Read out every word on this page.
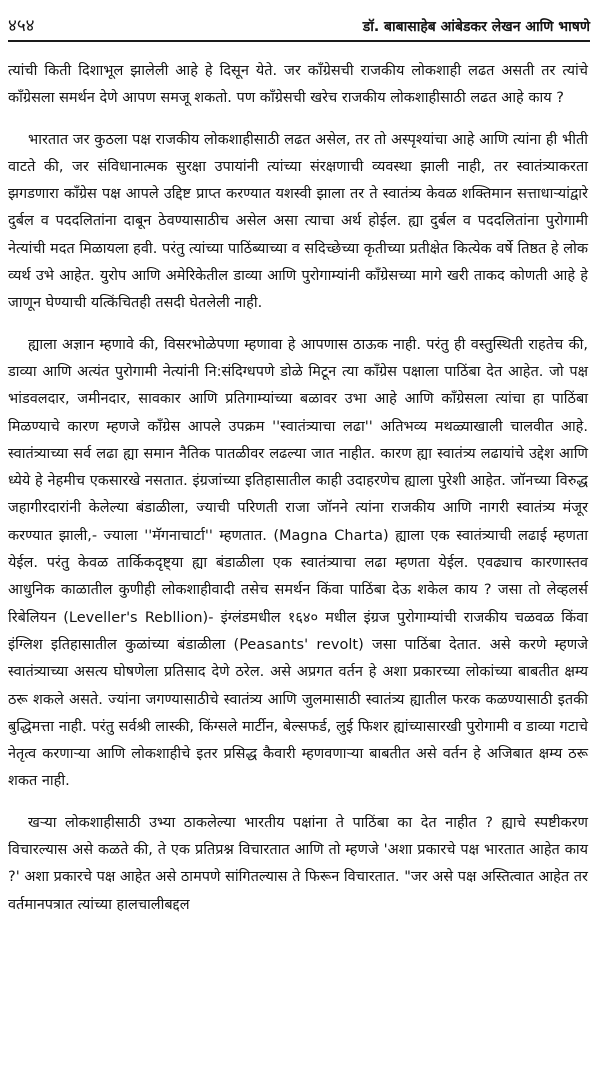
४५४	डॉ. बाबासाहेब आंबेडकर लेखन आणि भाषणे

त्यांची किती दिशाभूल झालेली आहे हे दिसून येते. जर काँग्रेसची राजकीय लोकशाही लढत असती तर त्यांचे काँग्रेसला समर्थन देणे आपण समजू शकतो. पण काँग्रेसची खरेच राजकीय लोकशाहीसाठी लढत आहे काय ?

भारतात जर कुठला पक्ष राजकीय लोकशाहीसाठी लढत असेल, तर तो अस्पृश्यांचा आहे आणि त्यांना ही भीती वाटते की, जर संविधानात्मक सुरक्षा उपायांनी त्यांच्या संरक्षणाची व्यवस्था झाली नाही, तर स्वातंत्र्याकरता झगडणारा काँग्रेस पक्ष आपले उद्दिष्ट प्राप्त करण्यात यशस्वी झाला तर ते स्वातंत्र्य केवळ शक्तिमान सत्ताधाऱ्यांद्वारे दुर्बल व पददलितांना दाबून ठेवण्यासाठीच असेल असा त्याचा अर्थ होईल. ह्या दुर्बल व पददलितांना पुरोगामी नेत्यांची मदत मिळायला हवी. परंतु त्यांच्या पाठिंब्याच्या व सदिच्छेच्या कृतीच्या प्रतीक्षेत कित्येक वर्षे तिष्ठत हे लोक व्यर्थ उभे आहेत. युरोप आणि अमेरिकेतील डाव्या आणि पुरोगाम्यांनी काँग्रेसच्या मागे खरी ताकद कोणती आहे हे जाणून घेण्याची यत्किंचितही तसदी घेतलेली नाही.

ह्याला अज्ञान म्हणावे की, विसरभोळेपणा म्हणावा हे आपणास ठाऊक नाही. परंतु ही वस्तुस्थिती राहतेच की, डाव्या आणि अत्यंत पुरोगामी नेत्यांनी नि:संदिग्धपणे डोळे मिटून त्या काँग्रेस पक्षाला पाठिंबा देत आहेत. जो पक्ष भांडवलदार, जमीनदार, सावकार आणि प्रतिगाम्यांच्या बळावर उभा आहे आणि काँग्रेसला त्यांचा हा पाठिंबा मिळण्याचे कारण म्हणजे काँग्रेस आपले उपक्रम ''स्वातंत्र्याचा लढा'' अतिभव्य मथळ्याखाली चालवीत आहे. स्वातंत्र्याच्या सर्व लढा ह्या समान नैतिक पातळीवर लढल्या जात नाहीत. कारण ह्या स्वातंत्र्य लढायांचे उद्देश आणि ध्येये हे नेहमीच एकसारखे नसतात. इंग्रजांच्या इतिहासातील काही उदाहरणेच ह्याला पुरेशी आहेत. जॉनच्या विरुद्ध जहागीरदारांनी केलेल्या बंडाळीला, ज्याची परिणती राजा जॉनने त्यांना राजकीय आणि नागरी स्वातंत्र्य मंजूर करण्यात झाली,- ज्याला ''मॅगनाचार्टा'' म्हणतात. (Magna Charta) ह्याला एक स्वातंत्र्याची लढाई म्हणता येईल. परंतु केवळ तार्किकदृष्ट्या ह्या बंडाळीला एक स्वातंत्र्याचा लढा म्हणता येईल. एवढ्याच कारणास्तव आधुनिक काळातील कुणीही लोकशाहीवादी तसेच समर्थन किंवा पाठिंबा देऊ शकेल काय ? जसा तो लेव्हलर्स रिबेलियन (Leveller's Rebllion)- इंग्लंडमधील १६४० मधील इंग्रज पुरोगाम्यांची राजकीय चळवळ किंवा इंग्लिश इतिहासातील कुळांच्या बंडाळीला (Peasants' revolt) जसा पाठिंबा देतात. असे करणे म्हणजे स्वातंत्र्याच्या असत्य घोषणेला प्रतिसाद देणे ठरेल. असे अप्रगत वर्तन हे अशा प्रकारच्या लोकांच्या बाबतीत क्षम्य ठरू शकले असते. ज्यांना जगण्यासाठीचे स्वातंत्र्य आणि जुलमासाठी स्वातंत्र्य ह्यातील फरक कळण्यासाठी इतकी बुद्धिमत्ता नाही. परंतु सर्वश्री लास्की, किंग्सले मार्टीन, बेल्सफर्ड, लुई फिशर ह्यांच्यासारखी पुरोगामी व डाव्या गटाचे नेतृत्व करणाऱ्या आणि लोकशाहीचे इतर प्रसिद्ध कैवारी म्हणवणाऱ्या बाबतीत असे वर्तन हे अजिबात क्षम्य ठरू शकत नाही.

खऱ्या लोकशाहीसाठी उभ्या ठाकलेल्या भारतीय पक्षांना ते पाठिंबा का देत नाहीत ? ह्याचे स्पष्टीकरण विचारल्यास असे कळते की, ते एक प्रतिप्रश्न विचारतात आणि तो म्हणजे 'अशा प्रकारचे पक्ष भारतात आहेत काय ?' अशा प्रकारचे पक्ष आहेत असे ठामपणे सांगितल्यास ते फिरून विचारतात. "जर असे पक्ष अस्तित्वात आहेत तर वर्तमानपत्रात त्यांच्या हालचालीबद्दल
